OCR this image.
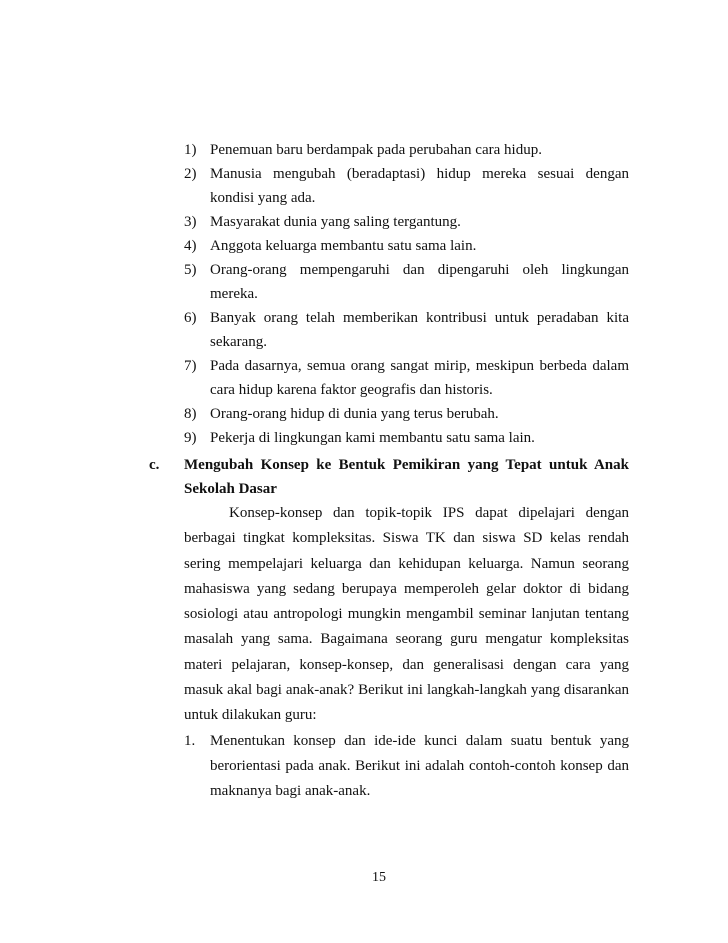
1) Penemuan baru berdampak pada perubahan cara hidup.
2) Manusia mengubah (beradaptasi) hidup mereka sesuai dengan kondisi yang ada.
3) Masyarakat dunia yang saling tergantung.
4) Anggota keluarga membantu satu sama lain.
5) Orang-orang mempengaruhi dan dipengaruhi oleh lingkungan mereka.
6) Banyak orang telah memberikan kontribusi untuk peradaban kita sekarang.
7) Pada dasarnya, semua orang sangat mirip, meskipun berbeda dalam cara hidup karena faktor geografis dan historis.
8) Orang-orang hidup di dunia yang terus berubah.
9) Pekerja di lingkungan kami membantu satu sama lain.
c.	Mengubah Konsep ke Bentuk Pemikiran yang Tepat untuk Anak Sekolah Dasar
Konsep-konsep dan topik-topik IPS dapat dipelajari dengan berbagai tingkat kompleksitas. Siswa TK dan siswa SD kelas rendah sering mempelajari keluarga dan kehidupan keluarga. Namun seorang mahasiswa yang sedang berupaya memperoleh gelar doktor di bidang sosiologi atau antropologi mungkin mengambil seminar lanjutan tentang masalah yang sama. Bagaimana seorang guru mengatur kompleksitas materi pelajaran, konsep-konsep, dan generalisasi dengan cara yang masuk akal bagi anak-anak? Berikut ini langkah-langkah yang disarankan untuk dilakukan guru:
1. Menentukan konsep dan ide-ide kunci dalam suatu bentuk yang berorientasi pada anak. Berikut ini adalah contoh-contoh konsep dan maknanya bagi anak-anak.
15
